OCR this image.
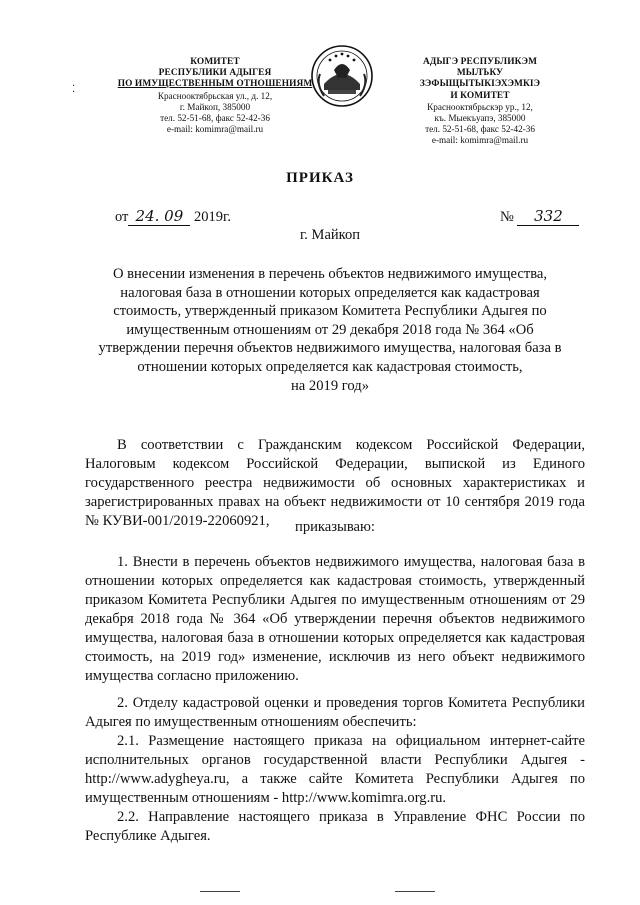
КОМИТЕТ
РЕСПУБЛИКИ АДЫГЕЯ
ПО ИМУЩЕСТВЕННЫМ ОТНОШЕНИЯМ
Красноoктябрьская ул., д. 12,
г. Майкоп, 385000
тел. 52-51-68, факс 52-42-36
e-mail: komimra@mail.ru
⁚
АДЫГЭ РЕСПУБЛИКЭМ
МЫЛЪКУ ЗЭФЫЩЫТЫКIЭХЭМКIЭ
И КОМИТЕТ
Краснооктябрьскэр ур., 12,
къ. Мыекъуапэ, 385000
тел. 52-51-68, факс 52-42-36
e-mail: komimra@mail.ru
ПРИКАЗ
от 24. 09 2019г.	№ 332
г. Майкоп
О внесении изменения в перечень объектов недвижимого имущества,
налоговая база в отношении которых определяется как кадастровая
стоимость, утвержденный приказом Комитета Республики Адыгея по
имущественным отношениям от 29 декабря 2018 года № 364 «Об
утверждении перечня объектов недвижимого имущества, налоговая база в
отношении которых определяется как кадастровая стоимость,
на 2019 год»
В соответствии с Гражданским кодексом Российской Федерации, Налоговым кодексом Российской Федерации, выпиской из Единого государственного реестра недвижимости об основных характеристиках и зарегистрированных правах на объект недвижимости от 10 сентября 2019 года № КУВИ-001/2019-22060921,	приказываю:
1. Внести в перечень объектов недвижимого имущества, налоговая база в отношении которых определяется как кадастровая стоимость, утвержденный приказом Комитета Республики Адыгея по имущественным отношениям от 29 декабря 2018 года № 364 «Об утверждении перечня объектов недвижимого имущества, налоговая база в отношении которых определяется как кадастровая стоимость, на 2019 год» изменение, исключив из него объект недвижимого имущества согласно приложению.
2. Отделу кадастровой оценки и проведения торгов Комитета Республики Адыгея по имущественным отношениям обеспечить:
2.1. Размещение настоящего приказа на официальном интернет-сайте исполнительных органов государственной власти Республики Адыгея - http://www.adygheya.ru, а также сайте Комитета Республики Адыгея по имущественным отношениям - http://www.komimra.org.ru.
2.2. Направление настоящего приказа в Управление ФНС России по Республике Адыгея.
